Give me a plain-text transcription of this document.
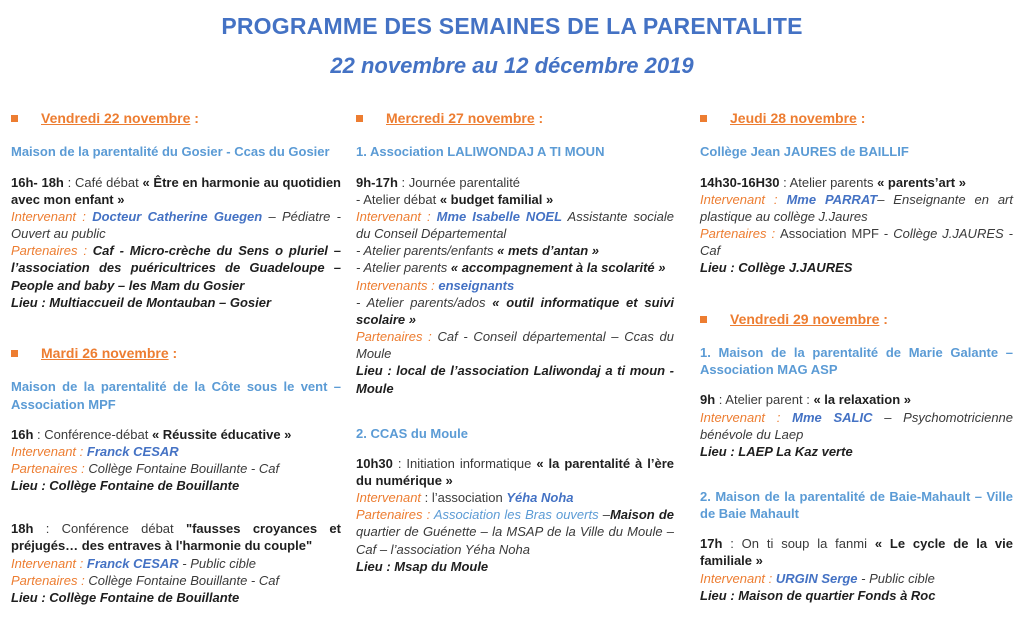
PROGRAMME DES SEMAINES DE LA PARENTALITE
22 novembre au 12 décembre 2019
Vendredi 22 novembre :
Maison de la parentalité du Gosier - Ccas du Gosier
16h- 18h : Café débat « Être en harmonie au quotidien avec mon enfant »
Intervenant : Docteur Catherine Guegen – Pédiatre - Ouvert au public
Partenaires : Caf - Micro-crèche du Sens o pluriel – l’association des puéricultrices de Guadeloupe – People and baby – les Mam du Gosier
Lieu : Multiaccueil de Montauban – Gosier
Mardi 26 novembre :
Maison de la parentalité de la Côte sous le vent – Association MPF
16h : Conférence-débat « Réussite éducative »
Intervenant : Franck CESAR
Partenaires : Collège Fontaine Bouillante - Caf
Lieu : Collège Fontaine de Bouillante
18h : Conférence débat "fausses croyances et préjugés… des entraves à l'harmonie du couple"
Intervenant : Franck CESAR - Public cible
Partenaires : Collège Fontaine Bouillante - Caf
Lieu : Collège Fontaine de Bouillante
Mercredi 27 novembre :
1. Association LALIWONDAJ A TI MOUN
9h-17h : Journée parentalité
- Atelier débat « budget familial »
Intervenant : Mme Isabelle NOEL Assistante sociale du Conseil Départemental
- Atelier parents/enfants « mets d’antan »
- Atelier parents « accompagnement à la scolarité »
Intervenants : enseignants
- Atelier parents/ados « outil informatique et suivi scolaire »
Partenaires : Caf - Conseil départemental – Ccas du Moule
Lieu : local de l’association Laliwondaj a ti moun - Moule
2. CCAS du Moule
10h30 : Initiation informatique « la parentalité à l’ère du numérique »
Intervenant : l’association Yéha Noha
Partenaires : Association les Bras ouverts –Maison de quartier de Guénette – la MSAP de la Ville du Moule – Caf – l’association Yéha Noha
Lieu : Msap du Moule
Jeudi 28 novembre :
Collège Jean JAURES de BAILLIF
14h30-16H30 : Atelier parents « parents’art »
Intervenant : Mme PARRAT– Enseignante en art plastique au collège J.Jaures
Partenaires : Association MPF - Collège J.JAURES - Caf
Lieu : Collège J.JAURES
Vendredi 29 novembre :
1. Maison de la parentalité de Marie Galante – Association MAG ASP
9h : Atelier parent : « la relaxation »
Intervenant : Mme SALIC – Psychomotricienne bénévole du Laep
Lieu : LAEP La Kaz verte
2. Maison de la parentalité de Baie-Mahault – Ville de Baie Mahault
17h : On ti soup la fanmi « Le cycle de la vie familiale »
Intervenant : URGIN Serge - Public cible
Lieu : Maison de quartier Fonds à Roc
